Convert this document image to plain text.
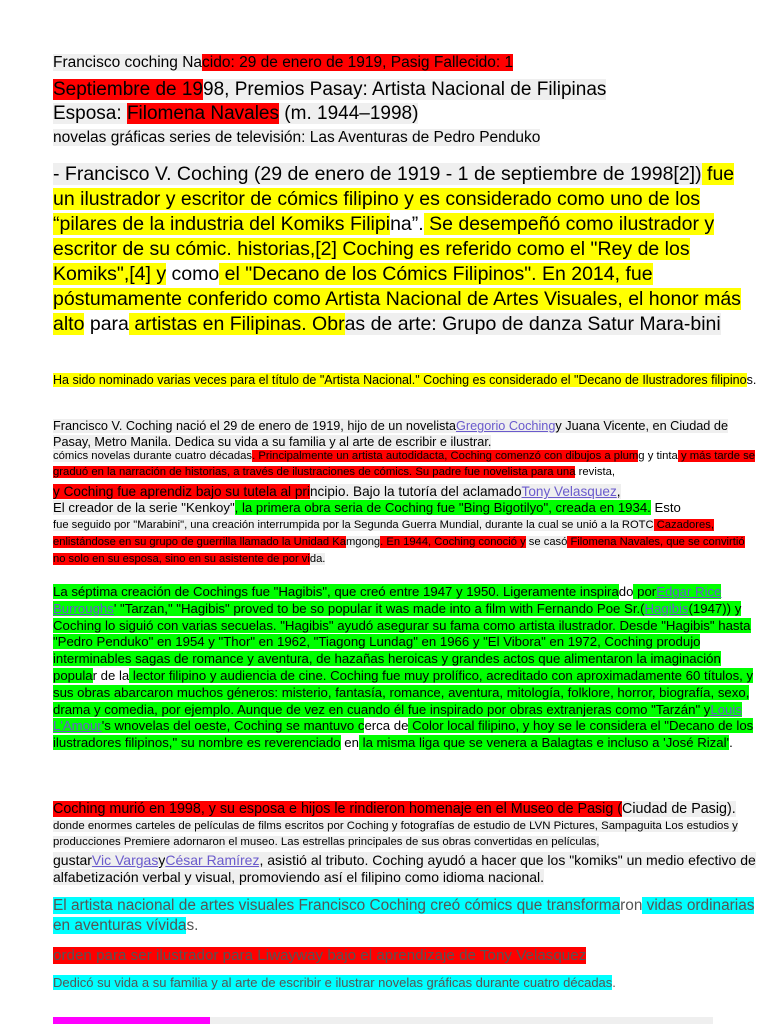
Francisco coching Nacido: 29 de enero de 1919, Pasig Fallecido: 1
Septiembre de 1998, Premios Pasay: Artista Nacional de Filipinas
Esposa: Filomena Navales (m. 1944–1998)
novelas gráficas series de televisión: Las Aventuras de Pedro Penduko

- Francisco V. Coching (29 de enero de 1919 - 1 de septiembre de 1998[2]) fue un ilustrador y escritor de cómics filipino y es considerado como uno de los “pilares de la industria del Komiks Filipina”. Se desempeñó como ilustrador y escritor de su cómic. historias,[2] Coching es referido como el "Rey de los Komiks",[4] y como el "Decano de los Cómics Filipinos". En 2014, fue póstumamente conferido como Artista Nacional de Artes Visuales, el honor más alto para artistas en Filipinas. Obras de arte: Grupo de danza Satur Mara-bini

Ha sido nominado varias veces para el título de "Artista Nacional." Coching es considerado el "Decano de Ilustradores filipinos.

Francisco V. Coching nació el 29 de enero de 1919, hijo de un novelistaGregorio Cochingy Juana Vicente, en Ciudad de Pasay, Metro Manila. Dedica su vida a su familia y al arte de escribir e ilustrar.

cómics novelas durante cuatro décadas. Principalmente un artista autodidacta, Coching comenzó con dibujos a plumg y tinta y más tarde se graduó en la narración de historias, a través de ilustraciones de cómics. Su padre fue novelista para una revista,

y Coching fue aprendiz bajo su tutela al principio. Bajo la tutoría del aclamadoTony Velasquez,

El creador de la serie "Kenkoy", la primera obra seria de Coching fue "Bing Bigotilyo", creada en 1934. Esto

fue seguido por "Marabini", una creación interrumpida por la Segunda Guerra Mundial, durante la cual se unió a la ROTC Cazadores, enlistándose en su grupo de guerrilla llamado la Unidad Kamgong. En 1944, Coching conoció y se casó Filomena Navales, que se convirtió no solo en su esposa, sino en su asistente de por vida.

La séptima creación de Cochings fue "Hagibis", que creó entre 1947 y 1950. Ligeramente inspirado porEdgar Rice Burroughs' "Tarzan," "Hagibis" proved to be so popular it was made into a film with Fernando Poe Sr.(Hagibis(1947)) y Coching lo siguió con varias secuelas. "Hagibis" ayudó asegurar su fama como artista ilustrador. Desde "Hagibis" hasta "Pedro Penduko" en 1954 y "Thor" en 1962, "Tiagong Lundag" en 1966 y "El Vibora" en 1972, Coching produjo interminables sagas de romance y aventura, de hazañas heroicas y grandes actos que alimentaron la imaginación popular de la lector filipino y audiencia de cine. Coching fue muy prolífico, acreditado con aproximadamente 60 títulos, y sus obras abarcaron muchos géneros: misterio, fantasía, romance, aventura, mitología, folklore, horror, biografía, sexo, drama y comedia, por ejemplo. Aunque de vez en cuando él fue inspirado por obras extranjeras como "Tarzán" yLouis L'Amour's wnovelas del oeste, Coching se mantuvo cerca de Color local filipino, y hoy se le considera el "Decano de los ilustradores filipinos," su nombre es reverenciado en la misma liga que se venera a Balagtas e incluso a 'José Rizal'.

Coching murió en 1998, y su esposa e hijos le rindieron homenaje en el Museo de Pasig (Ciudad de Pasig).

donde enormes carteles de películas de films escritos por Coching y fotografías de estudio de LVN Pictures, Sampaguita Los estudios y producciones Premiere adornaron el museo. Las estrellas principales de sus obras convertidas en películas,

gustarVic VargasyCésar Ramírez, asistió al tributo. Coching ayudó a hacer que los "komiks" un medio efectivo de alfabetización verbal y visual, promoviendo así el filipino como idioma nacional.

El artista nacional de artes visuales Francisco Coching creó cómics que transformaron vidas ordinarias en aventuras vívidas.

orden para ser ilustrador para Liwayway bajo el aprendizaje de Tony Velasquez

Dedicó su vida a su familia y al arte de escribir e ilustrar novelas gráficas durante cuatro décadas.
